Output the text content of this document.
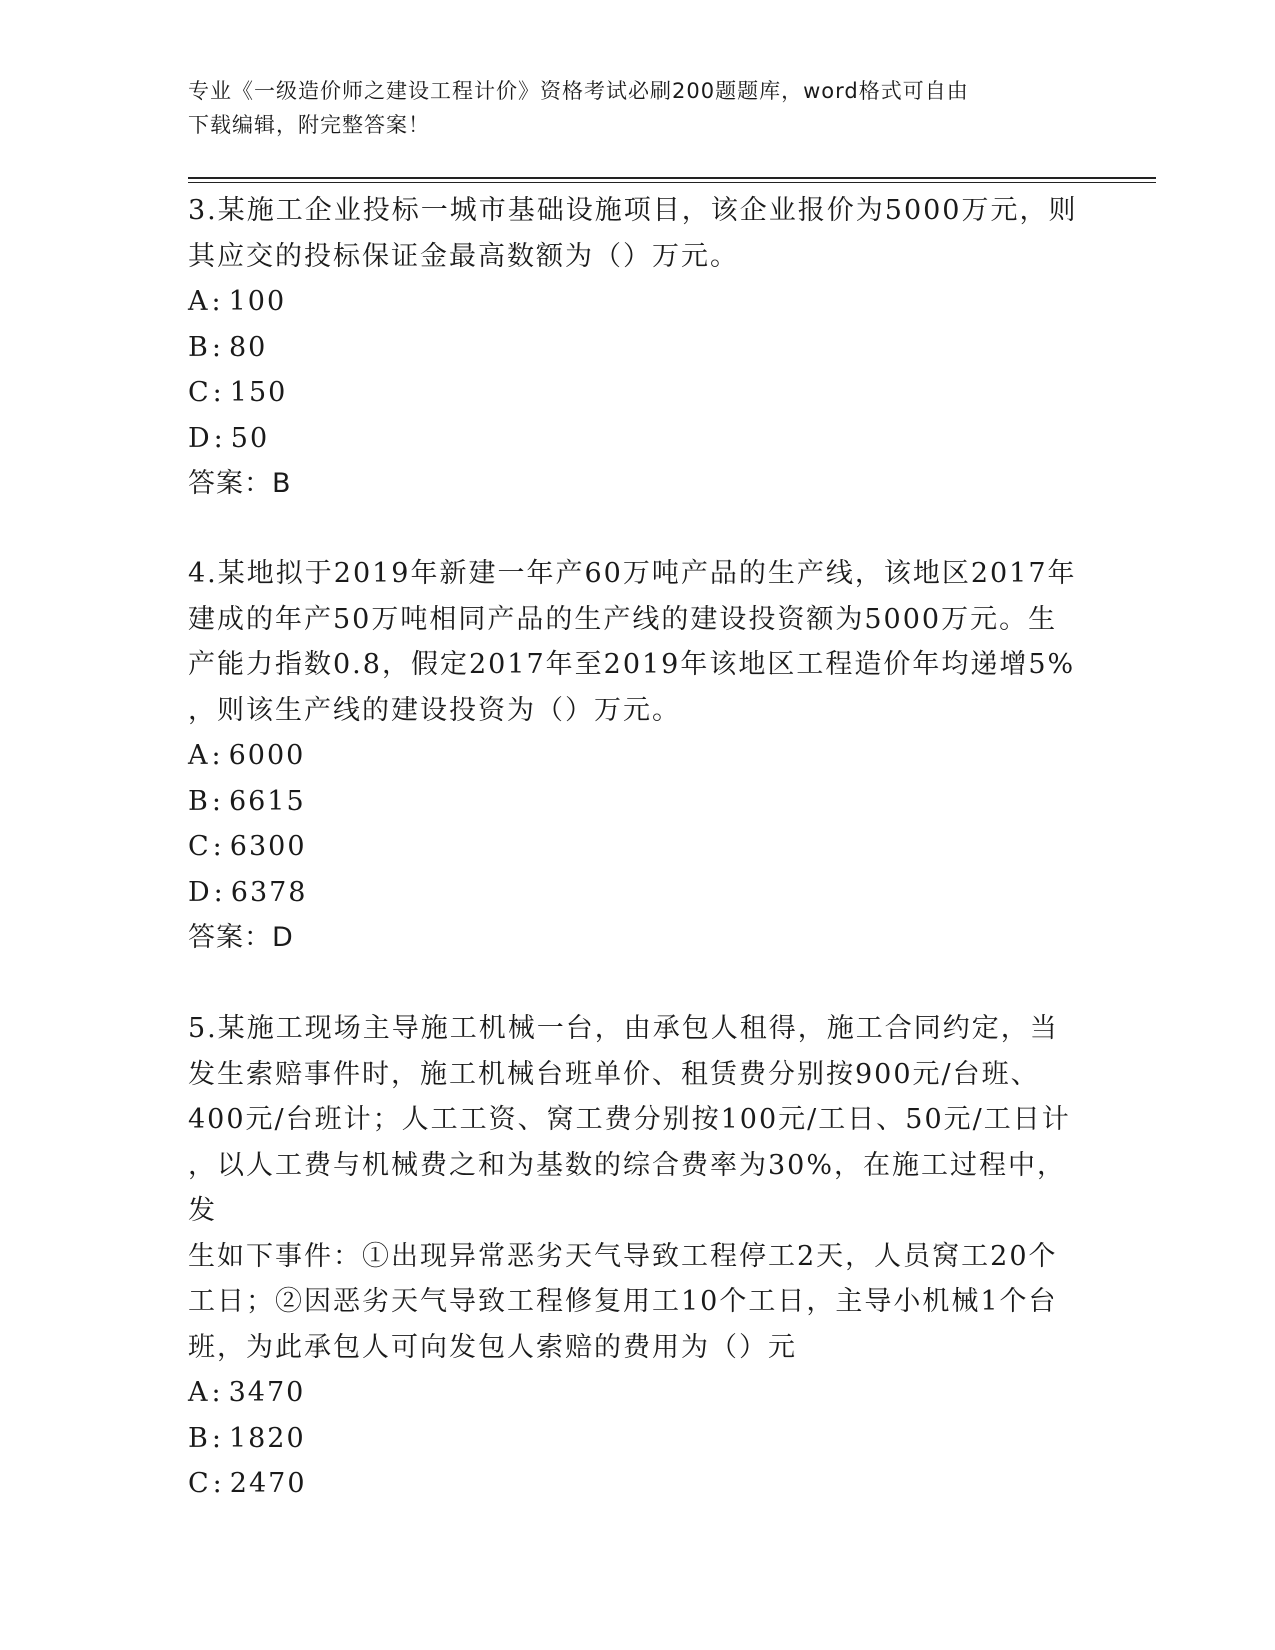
专业《一级造价师之建设工程计价》资格考试必刷200题题库，word格式可自由
下载编辑，附完整答案！
3.某施工企业投标一城市基础设施项目，该企业报价为5000万元，则
其应交的投标保证金最高数额为（）万元。
A: 100
B: 80
C: 150
D: 50
答案：B
4.某地拟于2019年新建一年产60万吨产品的生产线，该地区2017年
建成的年产50万吨相同产品的生产线的建设投资额为5000万元。生
产能力指数0.8，假定2017年至2019年该地区工程造价年均递增5%
，则该生产线的建设投资为（）万元。
A: 6000
B: 6615
C: 6300
D: 6378
答案：D
5.某施工现场主导施工机械一台，由承包人租得，施工合同约定，当
发生索赔事件时，施工机械台班单价、租赁费分别按900元/台班、
400元/台班计；人工工资、窝工费分别按100元/工日、50元/工日计
，以人工费与机械费之和为基数的综合费率为30%，在施工过程中，发
生如下事件：①出现异常恶劣天气导致工程停工2天，人员窝工20个
工日；②因恶劣天气导致工程修复用工10个工日，主导小机械1个台
班，为此承包人可向发包人索赔的费用为（）元
A: 3470
B: 1820
C: 2470
